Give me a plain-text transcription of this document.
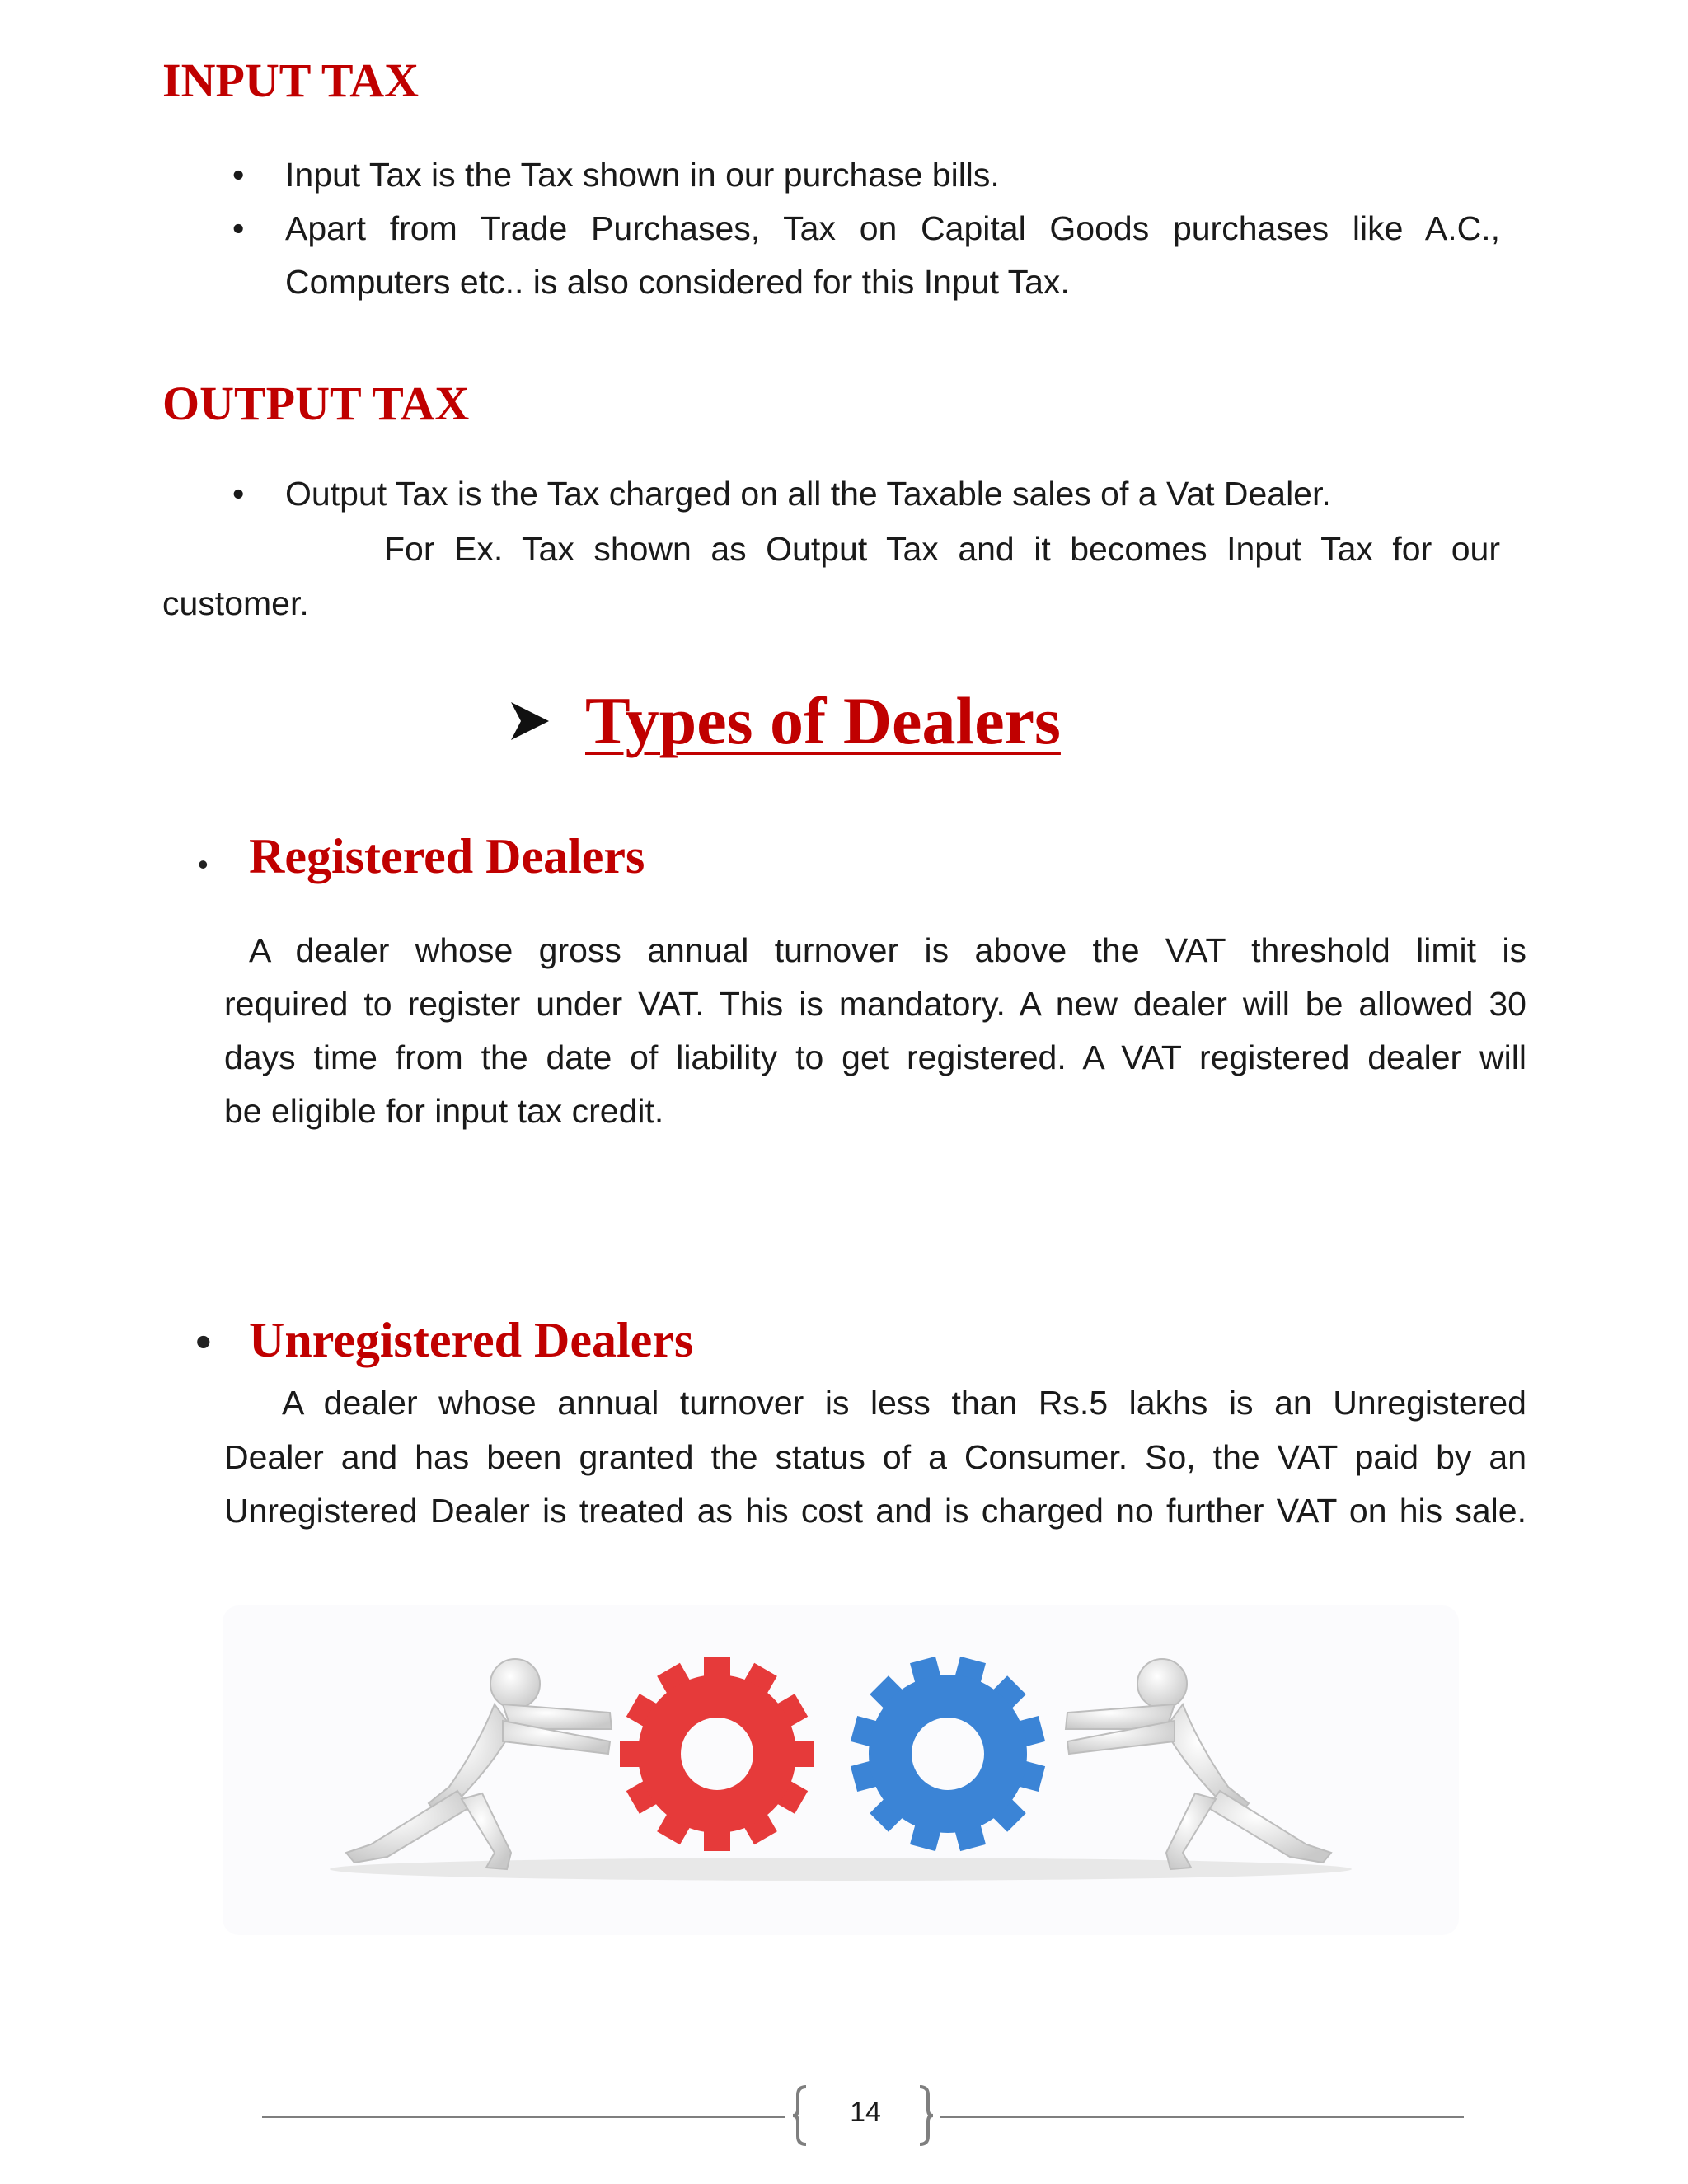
INPUT TAX
• Input Tax is the Tax shown in our purchase bills.
• Apart from Trade Purchases, Tax on Capital Goods purchases like A.C.,
Computers etc.. is also considered for this Input Tax.
OUTPUT TAX
• Output Tax is the Tax charged on all the Taxable sales of a Vat Dealer.
For Ex. Tax shown as Output Tax and it becomes Input Tax for our
customer.
Types of Dealers
• Registered Dealers
A dealer whose gross annual turnover is above the VAT threshold limit is
required to register under VAT. This is mandatory. A new dealer will be allowed 30
days time from the date of liability to get registered. A VAT registered dealer will
be eligible for input tax credit.
• Unregistered Dealers
A dealer whose annual turnover is less than Rs.5 lakhs is an Unregistered
Dealer and has been granted the status of a Consumer. So, the VAT paid by an
Unregistered Dealer is treated as his cost and is charged no further VAT on his sale.
14
